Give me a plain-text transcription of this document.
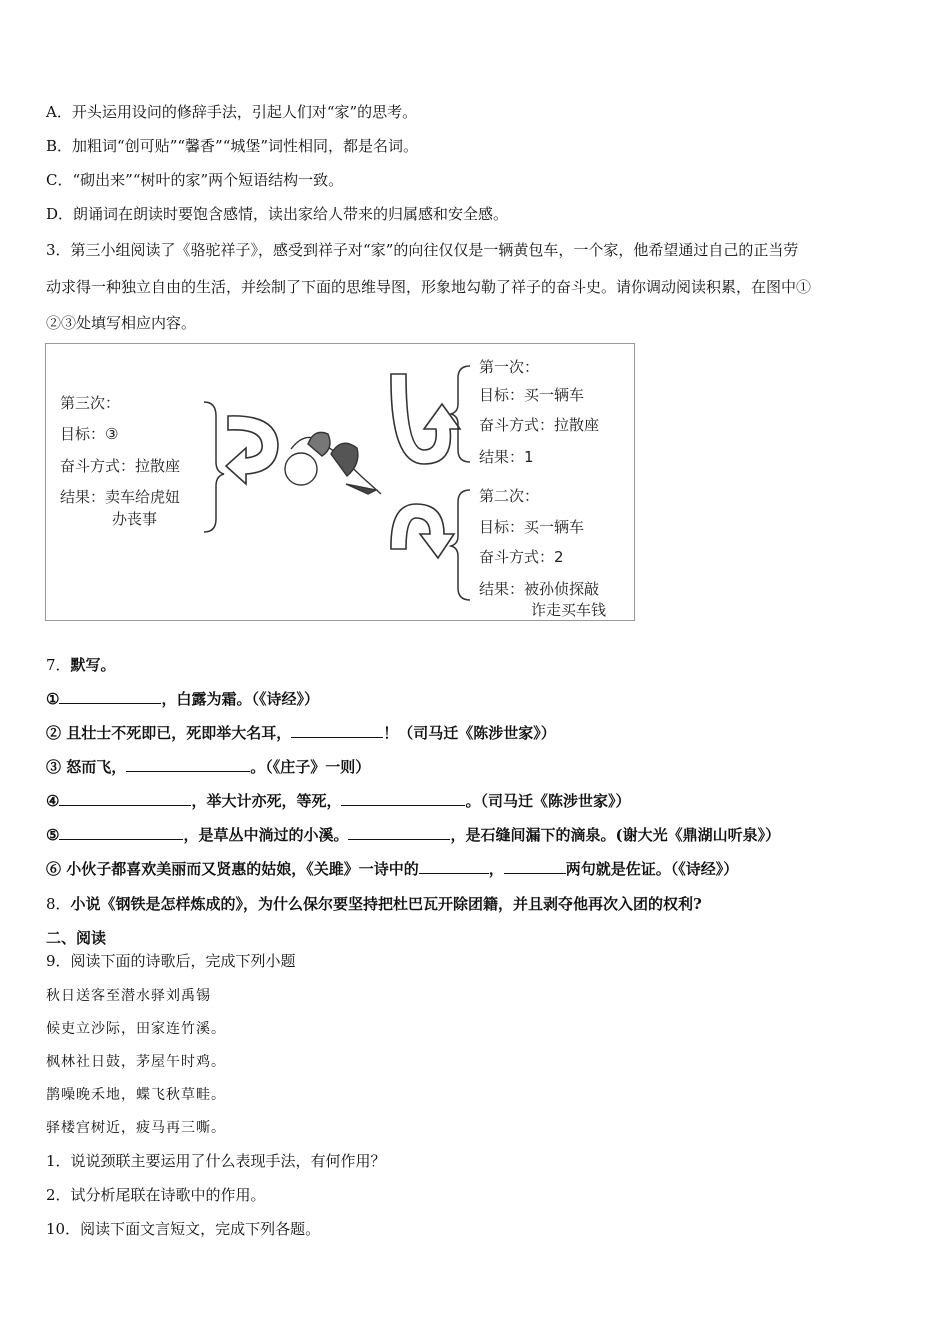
A．开头运用设问的修辞手法，引起人们对“家”的思考。
B．加粗词“创可贴”“馨香”“城堡”词性相同，都是名词。
C．“砌出来”“树叶的家”两个短语结构一致。
D．朗诵词在朗读时要饱含感情，读出家给人带来的归属感和安全感。
3．第三小组阅读了《骆驼祥子》，感受到祥子对“家”的向往仅仅是一辆黄包车，一个家，他希望通过自己的正当劳
动求得一种独立自由的生活，并绘制了下面的思维导图，形象地勾勒了祥子的奋斗史。请你调动阅读积累，在图中①
②③处填写相应内容。
第三次：
目标：③
奋斗方式：拉散座
结果：卖车给虎妞
办丧事
第一次：
目标：买一辆车
奋斗方式：拉散座
结果：1
第二次：
目标：买一辆车
奋斗方式：2
结果：被孙侦探敲
诈走买车钱
7．默写。
①	，白露为霜。（《诗经》）
② 且壮士不死即已，死即举大名耳，	！（司马迁《陈涉世家》）
③ 怒而飞，	。（《庄子》一则）
④	，举大计亦死，等死，	。（司马迁《陈涉世家》）
⑤	，是草丛中淌过的小溪。	，是石缝间漏下的滴泉。(谢大光《鼎湖山听泉》）
⑥ 小伙子都喜欢美丽而又贤惠的姑娘，《关雎》一诗中的	，	两句就是佐证。（《诗经》）
8．小说《钢铁是怎样炼成的》，为什么保尔要坚持把杜巴瓦开除团籍，并且剥夺他再次入团的权利?
二、阅读
9．阅读下面的诗歌后，完成下列小题
秋日送客至潜水驿刘禹锡
候吏立沙际，田家连竹溪。
枫林社日鼓，茅屋午时鸡。
鹊噪晚禾地，蝶飞秋草畦。
驿楼宫树近，疲马再三嘶。
1．说说颈联主要运用了什么表现手法，有何作用？
2．试分析尾联在诗歌中的作用。
10．阅读下面文言短文，完成下列各题。
